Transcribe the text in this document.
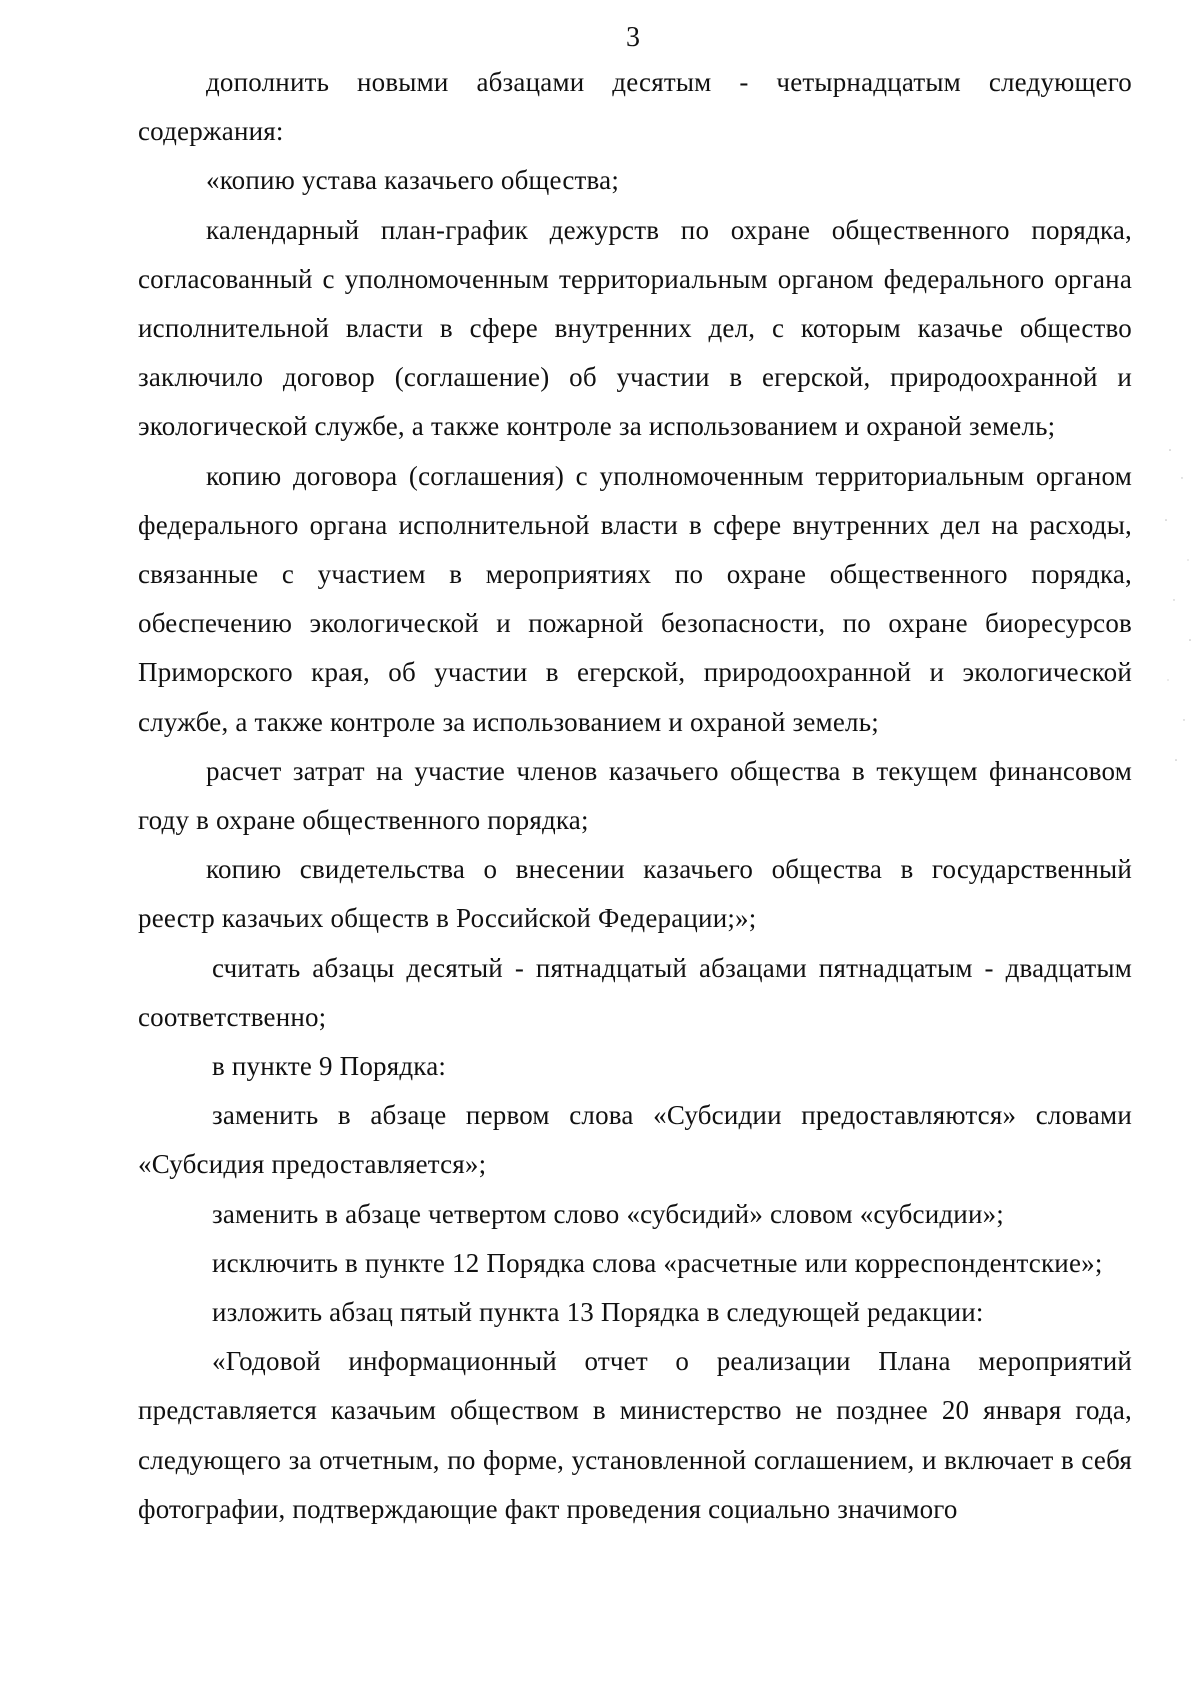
3

дополнить новыми абзацами десятым - четырнадцатым следующего содержания:

«копию устава казачьего общества;

календарный план-график дежурств по охране общественного порядка, согласованный с уполномоченным территориальным органом федерального органа исполнительной власти в сфере внутренних дел, с которым казачье общество заключило договор (соглашение) об участии в егерской, природоохранной и экологической службе, а также контроле за использованием и охраной земель;

копию договора (соглашения) с уполномоченным территориальным органом федерального органа исполнительной власти в сфере внутренних дел на расходы, связанные с участием в мероприятиях по охране общественного порядка, обеспечению экологической и пожарной безопасности, по охране биоресурсов Приморского края, об участии в егерской, природоохранной и экологической службе, а также контроле за использованием и охраной земель;

расчет затрат на участие членов казачьего общества в текущем финансовом году в охране общественного порядка;

копию свидетельства о внесении казачьего общества в государственный реестр казачьих обществ в Российской Федерации;»;

считать абзацы десятый - пятнадцатый абзацами пятнадцатым - двадцатым соответственно;

в пункте 9 Порядка:

заменить в абзаце первом слова «Субсидии предоставляются» словами «Субсидия предоставляется»;

заменить в абзаце четвертом слово «субсидий» словом «субсидии»;

исключить в пункте 12 Порядка слова «расчетные или корреспондентские»;

изложить абзац пятый пункта 13 Порядка в следующей редакции:

«Годовой информационный отчет о реализации Плана мероприятий представляется казачьим обществом в министерство не позднее 20 января года, следующего за отчетным, по форме, установленной соглашением, и включает в себя фотографии, подтверждающие факт проведения социально значимого
